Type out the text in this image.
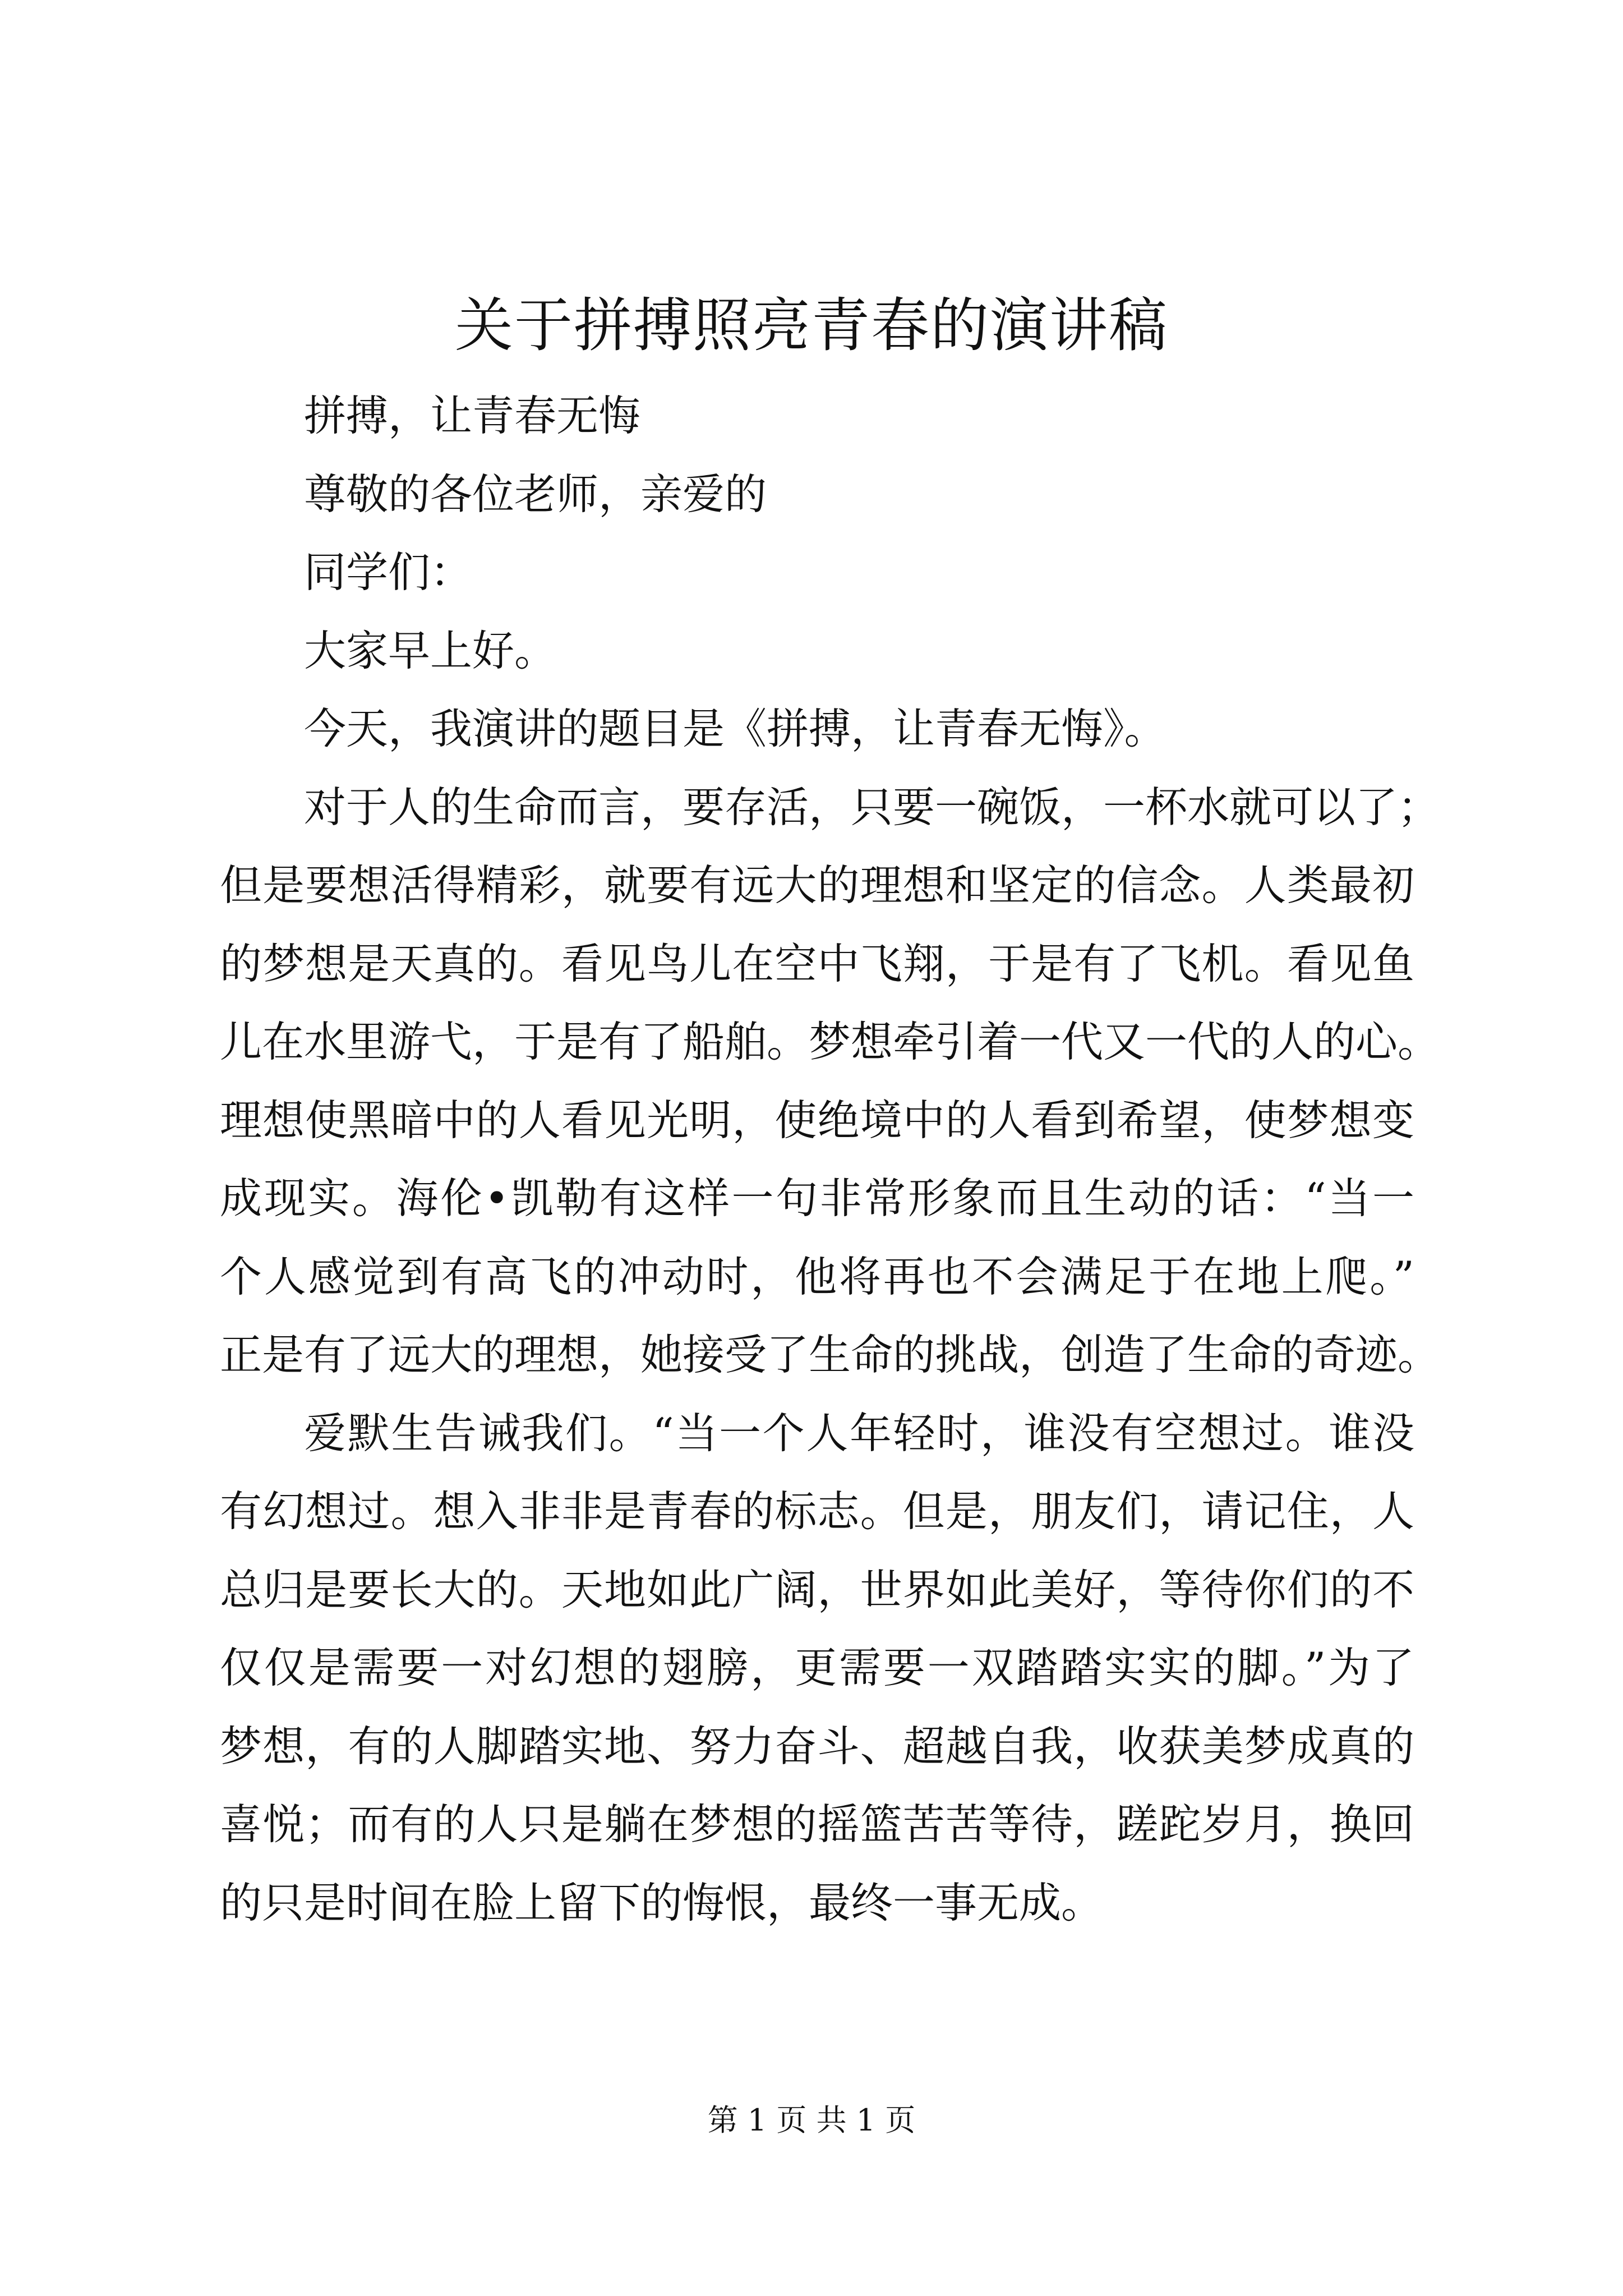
关于拼搏照亮青春的演讲稿
拼搏，让青春无悔
尊敬的各位老师，亲爱的
同学们：
大家早上好。
今天，我演讲的题目是《拼搏，让青春无悔》。
对于人的生命而言，要存活，只要一碗饭，一杯水就可以了；
但是要想活得精彩，就要有远大的理想和坚定的信念。人类最初
的梦想是天真的。看见鸟儿在空中飞翔，于是有了飞机。看见鱼
儿在水里游弋，于是有了船舶。梦想牵引着一代又一代的人的心。
理想使黑暗中的人看见光明，使绝境中的人看到希望，使梦想变
成现实。海伦•凯勒有这样一句非常形象而且生动的话：“当一
个人感觉到有高飞的冲动时，他将再也不会满足于在地上爬。”
正是有了远大的理想，她接受了生命的挑战，创造了生命的奇迹。
爱默生告诫我们。“当一个人年轻时，谁没有空想过。谁没
有幻想过。想入非非是青春的标志。但是，朋友们，请记住，人
总归是要长大的。天地如此广阔，世界如此美好，等待你们的不
仅仅是需要一对幻想的翅膀，更需要一双踏踏实实的脚。”为了
梦想，有的人脚踏实地、努力奋斗、超越自我，收获美梦成真的
喜悦；而有的人只是躺在梦想的摇篮苦苦等待，蹉跎岁月，换回
的只是时间在脸上留下的悔恨，最终一事无成。
第 1 页 共 1 页
